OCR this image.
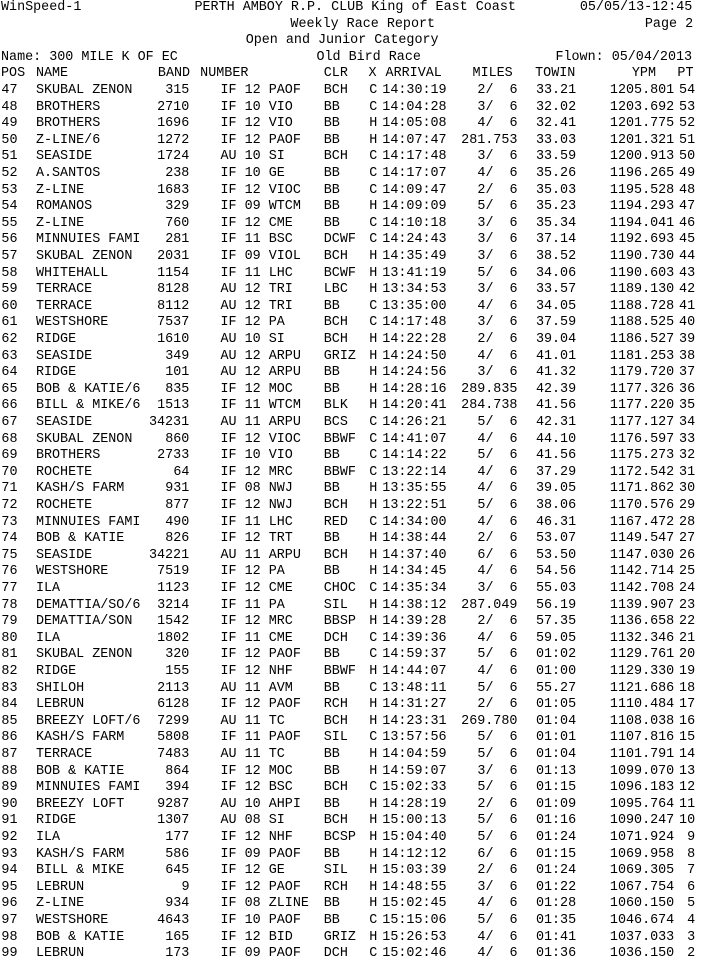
WinSpeed-1	PERTH AMBOY R.P. CLUB King of East Coast	05/05/13-12:45
Weekly Race Report	Page 2
Open and Junior Category
Name: 300 MILE K OF EC	Old Bird Race	Flown: 05/04/2013
POS NAME	BAND NUMBER	CLR X ARRIVAL MILES TOWIN	YPM PT
47 SKUBAL ZENON 315 IF 12 PAOF BCH C 14:30:19 2/  6 33.21	1205.801 54
48 BROTHERS	2710 IF 10 VIO BB C 14:04:28 3/  6 32.02	1203.692 53
49 BROTHERS	1696 IF 12 VIO BB H 14:05:08 4/  6 32.41	1201.775 52
50 Z-LINE/6	1272 IF 12 PAOF BB H 14:07:47 281.753 33.03	1201.321 51
51 SEASIDE	1724 AU 10 SI	BCH C 14:17:48 3/  6 33.59	1200.913 50
52 A.SANTOS	238 IF 10 GE	BB C 14:17:07 4/  6 35.26	1196.265 49
53 Z-LINE	1683 IF 12 VIOC BB C 14:09:47 2/  6 35.03	1195.528 48
54 ROMANOS	329 IF 09 WTCM BB H 14:09:09 5/  6 35.23	1194.293 47
55 Z-LINE	760 IF 12 CME BB C 14:10:18 3/  6 35.34	1194.041 46
56 MINNUIES FAMI 281 IF 11 BSC DCWF C 14:24:43 3/  6 37.14	1192.693 45
57 SKUBAL ZENON 2031 IF 09 VIOL BCH H 14:35:49 3/  6 38.52	1190.730 44
58 WHITEHALL	1154 IF 11 LHC BCWF H 13:41:19 5/  6 34.06	1190.603 43
59 TERRACE	8128 AU 12 TRI LBC H 13:34:53 3/  6 33.57	1189.130 42
60 TERRACE	8112 AU 12 TRI BB C 13:35:00 4/  6 34.05	1188.728 41
61 WESTSHORE	7537 IF 12 PA	BCH C 14:17:48 3/  6 37.59	1188.525 40
62 RIDGE	1610 AU 10 SI	BCH H 14:22:28 2/  6 39.04	1186.527 39
63 SEASIDE	349 AU 12 ARPU GRIZ H 14:24:50 4/  6 41.01	1181.253 38
64 RIDGE	101 AU 12 ARPU BB H 14:24:56 3/  6 41.32	1179.720 37
65 BOB & KATIE/6 835 IF 12 MOC BB H 14:28:16 289.835 42.39	1177.326 36
66 BILL & MIKE/6 1513 IF 11 WTCM BLK H 14:20:41 284.738 41.56	1177.220 35
67 SEASIDE	34231 AU 11 ARPU BCS C 14:26:21 5/  6 42.31	1177.127 34
68 SKUBAL ZENON 860 IF 12 VIOC BBWF C 14:41:07 4/  6 44.10	1176.597 33
69 BROTHERS	2733 IF 10 VIO BB C 14:14:22 5/  6 41.56	1175.273 32
70 ROCHETE	64 IF 12 MRC BBWF C 13:22:14 4/  6 37.29	1172.542 31
71 KASH/S FARM	931 IF 08 NWJ BB H 13:35:55 4/  6 39.05	1171.862 30
72 ROCHETE	877 IF 12 NWJ BCH H 13:22:51 5/  6 38.06	1170.576 29
73 MINNUIES FAMI 490 IF 11 LHC RED C 14:34:00 4/  6 46.31	1167.472 28
74 BOB & KATIE	826 IF 12 TRT BB H 14:38:44 2/  6 53.07	1149.547 27
75 SEASIDE	34221 AU 11 ARPU BCH H 14:37:40 6/  6 53.50	1147.030 26
76 WESTSHORE	7519 IF 12 PA	BB H 14:34:45 4/  6 54.56	1142.714 25
77 ILA	1123 IF 12 CME CHOC C 14:35:34 3/  6 55.03	1142.708 24
78 DEMATTIA/SO/6 3214 IF 11 PA	SIL H 14:38:12 287.049 56.19	1139.907 23
79 DEMATTIA/SON 1542 IF 12 MRC BBSP H 14:39:28 2/  6 57.35	1136.658 22
80 ILA	1802 IF 11 CME DCH C 14:39:36 4/  6 59.05	1132.346 21
81 SKUBAL ZENON 320 IF 12 PAOF BB C 14:59:37 5/  6 01:02	1129.761 20
82 RIDGE	155 IF 12 NHF BBWF H 14:44:07 4/  6 01:00	1129.330 19
83 SHILOH	2113 AU 11 AVM BB C 13:48:11 5/  6 55.27	1121.686 18
84 LEBRUN	6128 IF 12 PAOF RCH H 14:31:27 2/  6 01:05	1110.484 17
85 BREEZY LOFT/6 7299 AU 11 TC	BCH H 14:23:31 269.780 01:04	1108.038 16
86 KASH/S FARM 5808 IF 11 PAOF SIL C 13:57:56 5/  6 01:01	1107.816 15
87 TERRACE	7483 AU 11 TC	BB H 14:04:59 5/  6 01:04	1101.791 14
88 BOB & KATIE	864 IF 12 MOC BB H 14:59:07 3/  6 01:13	1099.070 13
89 MINNUIES FAMI 394 IF 12 BSC BCH C 15:02:33 5/  6 01:15	1096.183 12
90 BREEZY LOFT 9287 AU 10 AHPI BB H 14:28:19 2/  6 01:09	1095.764 11
91 RIDGE	1307 AU 08 SI	BCH H 15:00:13 5/  6 01:16	1090.247 10
92 ILA	177 IF 12 NHF BCSP H 15:04:40 5/  6 01:24	1071.924 9
93 KASH/S FARM	586 IF 09 PAOF BB H 14:12:12 6/  6 01:15	1069.958 8
94 BILL & MIKE	645 IF 12 GE	SIL H 15:03:39 2/  6 01:24	1069.305 7
95 LEBRUN	9 IF 12 PAOF RCH H 14:48:55 3/  6 01:22	1067.754 6
96 Z-LINE	934 IF 08 ZLINE BB H 15:02:45 4/  6 01:28	1060.150 5
97 WESTSHORE	4643 IF 10 PAOF BB C 15:15:06 5/  6 01:35	1046.674 4
98 BOB & KATIE	165 IF 12 BID GRIZ H 15:26:53 4/  6 01:41	1037.033 3
99 LEBRUN	173 IF 09 PAOF DCH C 15:02:46 4/  6 01:36	1036.150 2
